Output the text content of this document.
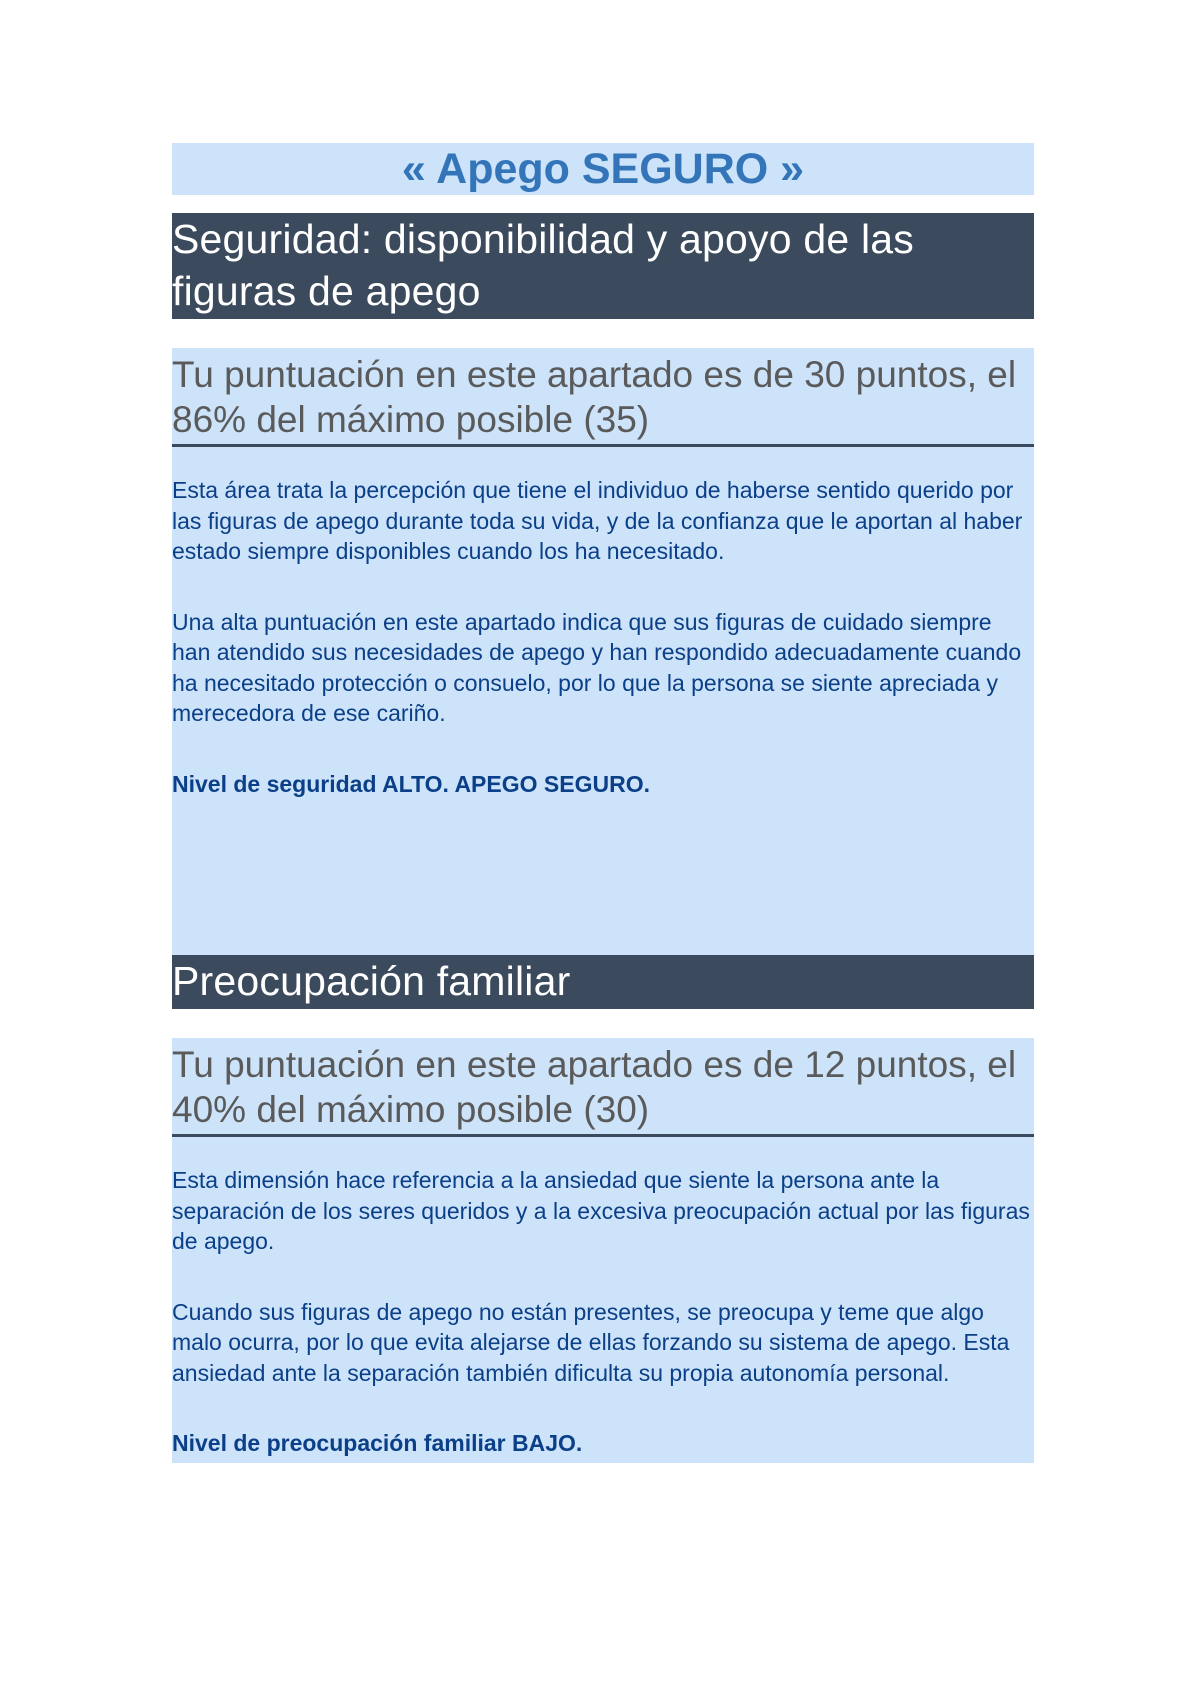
« Apego SEGURO »
Seguridad: disponibilidad y apoyo de las figuras de apego
Tu puntuación en este apartado es de 30 puntos, el 86% del máximo posible (35)

Esta área trata la percepción que tiene el individuo de haberse sentido querido por las figuras de apego durante toda su vida, y de la confianza que le aportan al haber estado siempre disponibles cuando los ha necesitado.

Una alta puntuación en este apartado indica que sus figuras de cuidado siempre han atendido sus necesidades de apego y han respondido adecuadamente cuando ha necesitado protección o consuelo, por lo que la persona se siente apreciada y merecedora de ese cariño.

Nivel de seguridad ALTO. APEGO SEGURO.

Preocupación familiar
Tu puntuación en este apartado es de 12 puntos, el 40% del máximo posible (30)

Esta dimensión hace referencia a la ansiedad que siente la persona ante la separación de los seres queridos y a la excesiva preocupación actual por las figuras de apego.

Cuando sus figuras de apego no están presentes, se preocupa y teme que algo malo ocurra, por lo que evita alejarse de ellas forzando su sistema de apego. Esta ansiedad ante la separación también dificulta su propia autonomía personal.

Nivel de preocupación familiar BAJO.
